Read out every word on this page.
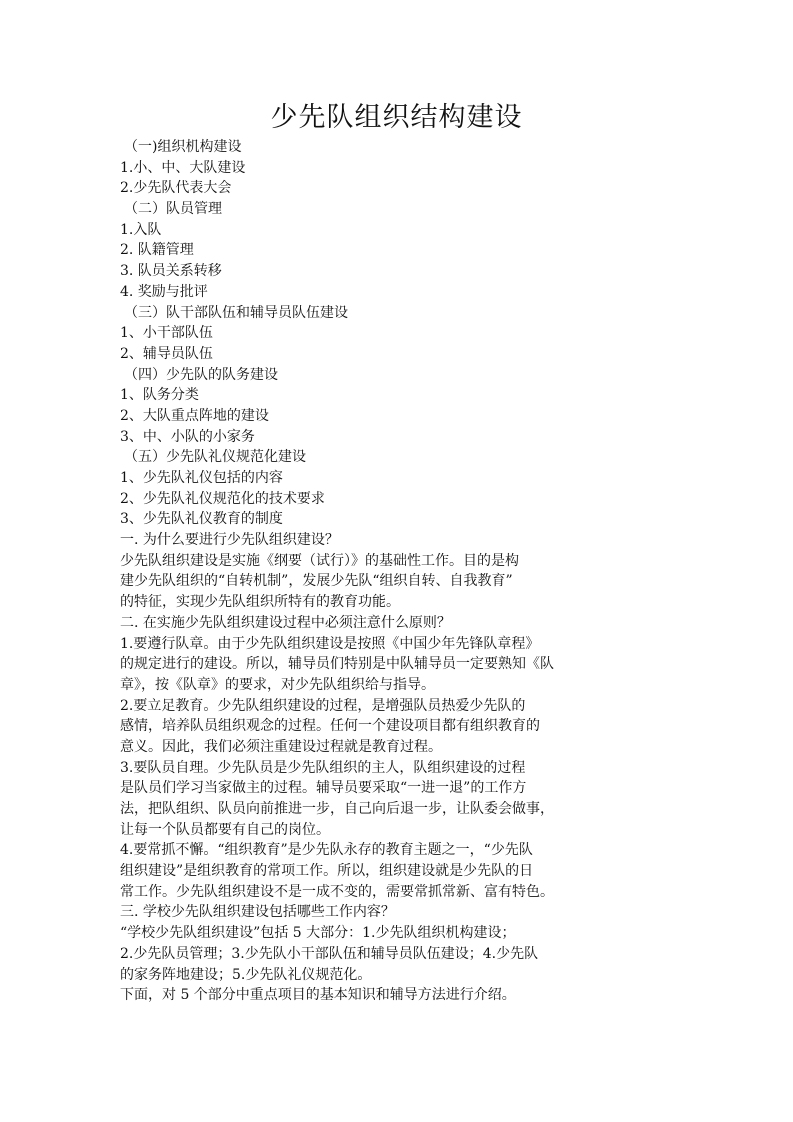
少先队组织结构建设
（一)组织机构建设
1.小、中、大队建设
2.少先队代表大会
（二）队员管理
1.入队
2. 队籍管理
3. 队员关系转移
4. 奖励与批评
（三）队干部队伍和辅导员队伍建设
1、小干部队伍
2、辅导员队伍
（四）少先队的队务建设
1、队务分类
2、大队重点阵地的建设
3、中、小队的小家务
（五）少先队礼仪规范化建设
1、少先队礼仪包括的内容
2、少先队礼仪规范化的技术要求
3、少先队礼仪教育的制度
一. 为什么要进行少先队组织建设？
少先队组织建设是实施《纲要（试行）》的基础性工作。目的是构
建少先队组织的“自转机制”，发展少先队“组织自转、自我教育”
的特征，实现少先队组织所特有的教育功能。
二. 在实施少先队组织建设过程中必须注意什么原则？
1.要遵行队章。由于少先队组织建设是按照《中国少年先锋队章程》
的规定进行的建设。所以，辅导员们特别是中队辅导员一定要熟知《队
章》，按《队章》的要求，对少先队组织给与指导。
2.要立足教育。少先队组织建设的过程，是增强队员热爱少先队的
感情，培养队员组织观念的过程。任何一个建设项目都有组织教育的
意义。因此，我们必须注重建设过程就是教育过程。
3.要队员自理。少先队员是少先队组织的主人，队组织建设的过程
是队员们学习当家做主的过程。辅导员要采取“一进一退”的工作方
法，把队组织、队员向前推进一步，自己向后退一步，让队委会做事，
让每一个队员都要有自己的岗位。
4.要常抓不懈。“组织教育”是少先队永存的教育主题之一，“少先队
组织建设”是组织教育的常项工作。所以，组织建设就是少先队的日
常工作。少先队组织建设不是一成不变的，需要常抓常新、富有特色。
三. 学校少先队组织建设包括哪些工作内容？
“学校少先队组织建设”包括 5 大部分：1.少先队组织机构建设；
2.少先队员管理；3.少先队小干部队伍和辅导员队伍建设；4.少先队
的家务阵地建设；5.少先队礼仪规范化。
下面，对 5 个部分中重点项目的基本知识和辅导方法进行介绍。
